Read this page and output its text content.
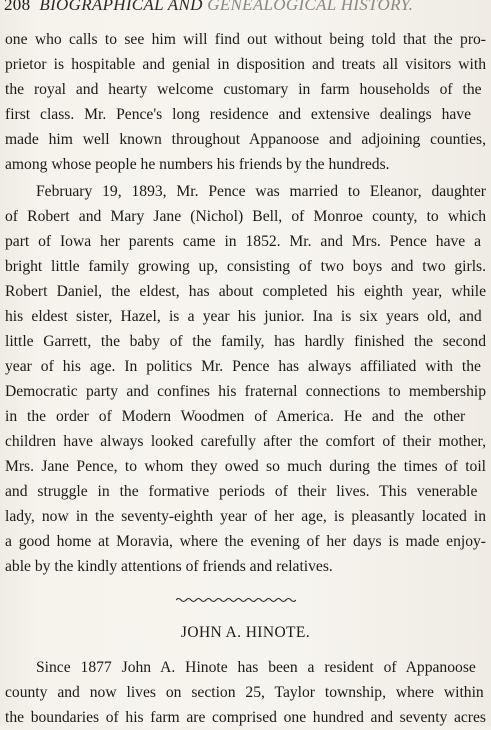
208 BIOGRAPHICAL AND GENEALOGICAL HISTORY.
one who calls to see him will find out without being told that the pro-
prietor is hospitable and genial in disposition and treats all visitors with
the royal and hearty welcome customary in farm households of the
first class. Mr. Pence's long residence and extensive dealings have
made him well known throughout Appanoose and adjoining counties,
among whose people he numbers his friends by the hundreds.
February 19, 1893, Mr. Pence was married to Eleanor, daughter
of Robert and Mary Jane (Nichol) Bell, of Monroe county, to which
part of Iowa her parents came in 1852. Mr. and Mrs. Pence have a
bright little family growing up, consisting of two boys and two girls.
Robert Daniel, the eldest, has about completed his eighth year, while
his eldest sister, Hazel, is a year his junior. Ina is six years old, and
little Garrett, the baby of the family, has hardly finished the second
year of his age. In politics Mr. Pence has always affiliated with the
Democratic party and confines his fraternal connections to membership
in the order of Modern Woodmen of America. He and the other
children have always looked carefully after the comfort of their mother,
Mrs. Jane Pence, to whom they owed so much during the times of toil
and struggle in the formative periods of their lives. This venerable
lady, now in the seventy-eighth year of her age, is pleasantly located in
a good home at Moravia, where the evening of her days is made enjoy-
able by the kindly attentions of friends and relatives.
JOHN A. HINOTE.
Since 1877 John A. Hinote has been a resident of Appanoose
county and now lives on section 25, Taylor township, where within
the boundaries of his farm are comprised one hundred and seventy acres
